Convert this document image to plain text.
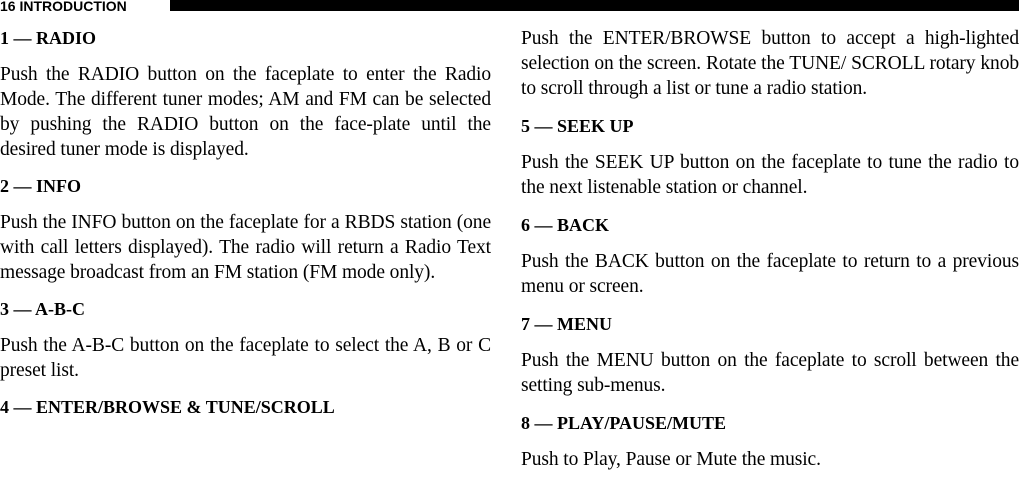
16 INTRODUCTION
1 — RADIO

Push the RADIO button on the faceplate to enter the Radio Mode. The different tuner modes; AM and FM can be selected by pushing the RADIO button on the face-plate until the desired tuner mode is displayed.

2 — INFO

Push the INFO button on the faceplate for a RBDS station (one with call letters displayed). The radio will return a Radio Text message broadcast from an FM station (FM mode only).

3 — A-B-C

Push the A-B-C button on the faceplate to select the A, B or C preset list.

4 — ENTER/BROWSE & TUNE/SCROLL

Push the ENTER/BROWSE button to accept a high-lighted selection on the screen. Rotate the TUNE/ SCROLL rotary knob to scroll through a list or tune a radio station.

5 — SEEK UP

Push the SEEK UP button on the faceplate to tune the radio to the next listenable station or channel.

6 — BACK

Push the BACK button on the faceplate to return to a previous menu or screen.

7 — MENU

Push the MENU button on the faceplate to scroll between the setting sub-menus.

8 — PLAY/PAUSE/MUTE

Push to Play, Pause or Mute the music.
